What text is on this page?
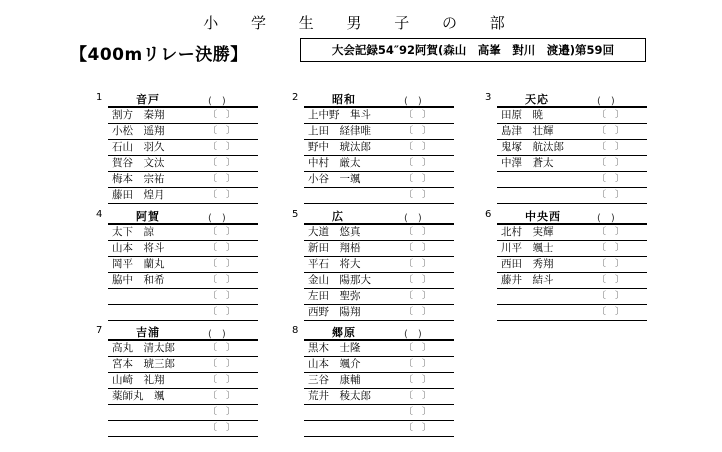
小 学 生 男 子 の 部
【400mリレー決勝】	大会記録54″92阿賀(森山　高峯　對川　渡邉)第59回
1	音戸	(　)
割方　秦翔	〔　〕
小松　遥翔	〔　〕
石山　羽久	〔　〕
賀谷　文汰	〔　〕
梅本　宗祐	〔　〕
藤田　煌月	〔　〕
2	昭和	(　)
上中野　隼斗	〔　〕
上田　経律唯	〔　〕
野中　琥汰郎	〔　〕
中村　厳太	〔　〕
小谷　一颯	〔　〕
〔　〕
3	天応	(　)
田原　暁	〔　〕
島津　壮輝	〔　〕
鬼塚　航汰郎	〔　〕
中澤　蒼太	〔　〕
〔　〕
〔　〕
4	阿賀	(　)
太下　諒	〔　〕
山本　将斗	〔　〕
岡平　蘭丸	〔　〕
脇中　和希	〔　〕
〔　〕
〔　〕
5	広	(　)
大道　悠真	〔　〕
新田　翔梧	〔　〕
平石　将大	〔　〕
金山　陽那大	〔　〕
左田　聖弥	〔　〕
西野　陽翔	〔　〕
6	中央西	(　)
北村　実輝	〔　〕
川平　颯士	〔　〕
西田　秀翔	〔　〕
藤井　結斗	〔　〕
〔　〕
〔　〕
7	吉浦	(　)
高丸　清太郎	〔　〕
宮本　琥三郎	〔　〕
山崎　礼翔	〔　〕
薬師丸　颯	〔　〕
〔　〕
〔　〕
8	郷原	(　)
黒木　士隆	〔　〕
山本　颯介	〔　〕
三谷　康輔	〔　〕
荒井　稜太郎	〔　〕
〔　〕
〔　〕
